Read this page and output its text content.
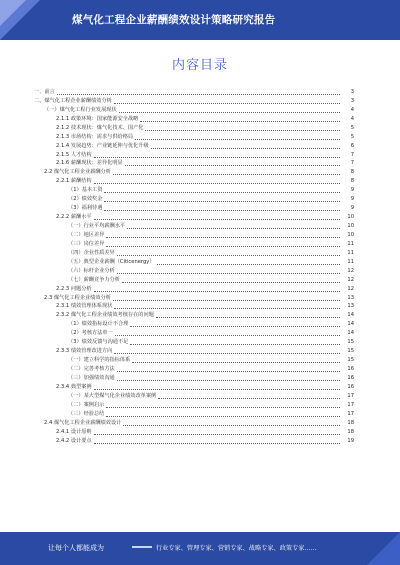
煤气化工程企业薪酬绩效设计策略研究报告
内容目录
一、前言	3
二、煤气化工程企业薪酬绩效分析	3
（一）煤气化工程行业发展现状	4
2.1.1 政策环境：国家能源安全战略	4
2.1.2 技术现状：煤气化技术、国产化	5
2.1.3 市场结构：需求与供给格局	5
2.1.4 发展趋势：产业链延伸与优化升级	6
2.1.5 人才结构	7
2.1.6 薪酬现状：差异化明显	7
2.2 煤气化工程企业薪酬分析	8
2.2.1 薪酬结构	8
（1）基本工资	9
（2）绩效奖金	9
（3）福利待遇	9
2.2.2 薪酬水平	10
（一）行业平均薪酬水平	10
（二）地区差异	10
（三）岗位差异	11
（四）企业性质差异	11
（五）典型企业薪酬（Citicenergy）	11
（六）标杆企业分析	12
（七）薪酬竞争力分析	12
2.2.3 问题分析	12
2.3 煤气化工程企业绩效分析	13
2.3.1 绩效管理体系现状	13
2.3.2 煤气化工程企业绩效考核存在的问题	14
（1）绩效指标设计不合理	14
（2）考核方法单一	14
（3）绩效反馈与沟通不足	15
2.3.3 绩效管理改进方向	15
（一）建立科学的指标体系	15
（二）完善考核方法	16
（三）加强绩效沟通	16
2.3.4 典型案例	16
（一）某大型煤气化企业绩效改革案例	17
（二）案例启示	17
（三）经验总结	17
2.4 煤气化工程企业薪酬绩效设计	18
2.4.1 设计原则	18
2.4.2 设计要点	19
让每个人都能成为	行业专家、管理专家、营销专家、战略专家、政策专家……
